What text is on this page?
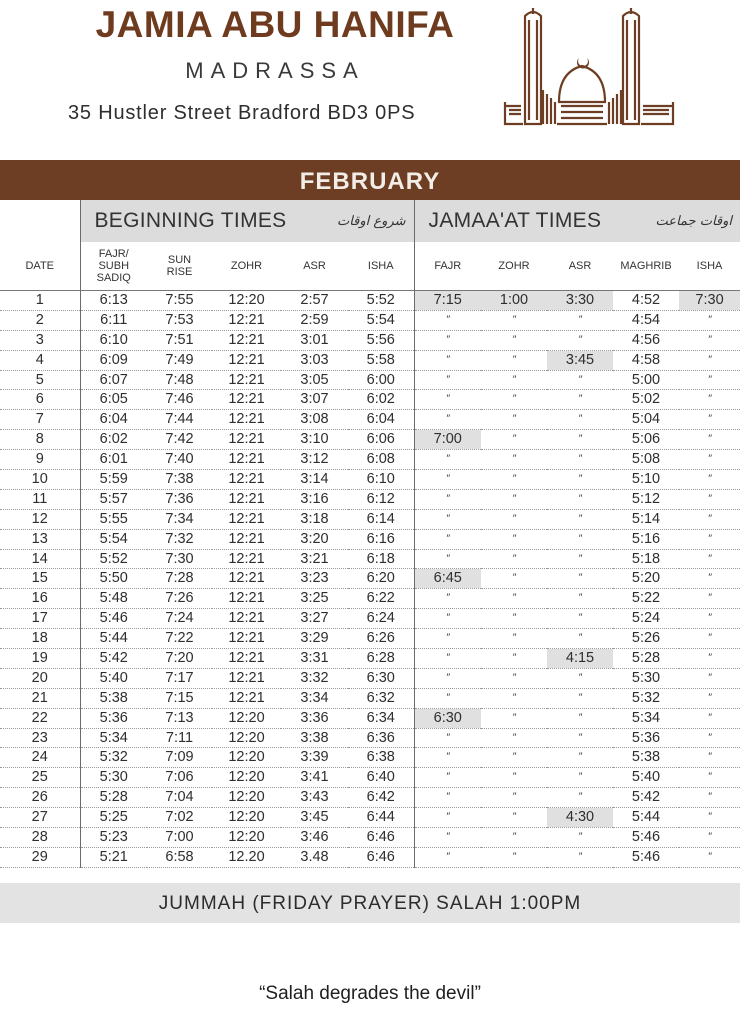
JAMIA ABU HANIFA
MADRASSA
35 Hustler Street Bradford BD3 0PS
FEBRUARY
	BEGINNING TIMES شروع اوقات					JAMAA'AT TIMES اوقات جماعت				

DATE	FAJR/
SUBH
SADIQ	SUN
RISE	ZOHR	ASR	ISHA	FAJR	ZOHR	ASR	MAGHRIB	ISHA
1	6:13	7:55	12:20	2:57	5:52	7:15	1:00	3:30	4:52	7:30
2	6:11	7:53	12:21	2:59	5:54	”	”	”	4:54	”
3	6:10	7:51	12:21	3:01	5:56	”	”	”	4:56	”
4	6:09	7:49	12:21	3:03	5:58	”	”	3:45	4:58	”
5	6:07	7:48	12:21	3:05	6:00	”	”	”	5:00	”
6	6:05	7:46	12:21	3:07	6:02	”	”	”	5:02	”
7	6:04	7:44	12:21	3:08	6:04	”	”	”	5:04	”
8	6:02	7:42	12:21	3:10	6:06	7:00	”	”	5:06	”
9	6:01	7:40	12:21	3:12	6:08	”	”	”	5:08	”
10	5:59	7:38	12:21	3:14	6:10	”	”	”	5:10	”
11	5:57	7:36	12:21	3:16	6:12	”	”	”	5:12	”
12	5:55	7:34	12:21	3:18	6:14	”	”	”	5:14	”
13	5:54	7:32	12:21	3:20	6:16	”	”	”	5:16	”
14	5:52	7:30	12:21	3:21	6:18	”	”	”	5:18	”
15	5:50	7:28	12:21	3:23	6:20	6:45	”	”	5:20	”
16	5:48	7:26	12:21	3:25	6:22	”	”	”	5:22	”
17	5:46	7:24	12:21	3:27	6:24	”	”	”	5:24	”
18	5:44	7:22	12:21	3:29	6:26	”	”	”	5:26	”
19	5:42	7:20	12:21	3:31	6:28	”	”	4:15	5:28	”
20	5:40	7:17	12:21	3:32	6:30	”	”	”	5:30	”
21	5:38	7:15	12:21	3:34	6:32	”	”	”	5:32	”
22	5:36	7:13	12:20	3:36	6:34	6:30	”	”	5:34	”
23	5:34	7:11	12:20	3:38	6:36	”	”	”	5:36	”
24	5:32	7:09	12:20	3:39	6:38	”	”	”	5:38	”
25	5:30	7:06	12:20	3:41	6:40	”	”	”	5:40	”
26	5:28	7:04	12:20	3:43	6:42	”	”	”	5:42	”
27	5:25	7:02	12:20	3:45	6:44	”	”	4:30	5:44	”
28	5:23	7:00	12:20	3:46	6:46	”	”	”	5:46	”
29	5:21	6:58	12.20	3.48	6:46	”	”	”	5:46	”
JUMMAH (FRIDAY PRAYER) SALAH 1:00PM
“Salah degrades the devil”
